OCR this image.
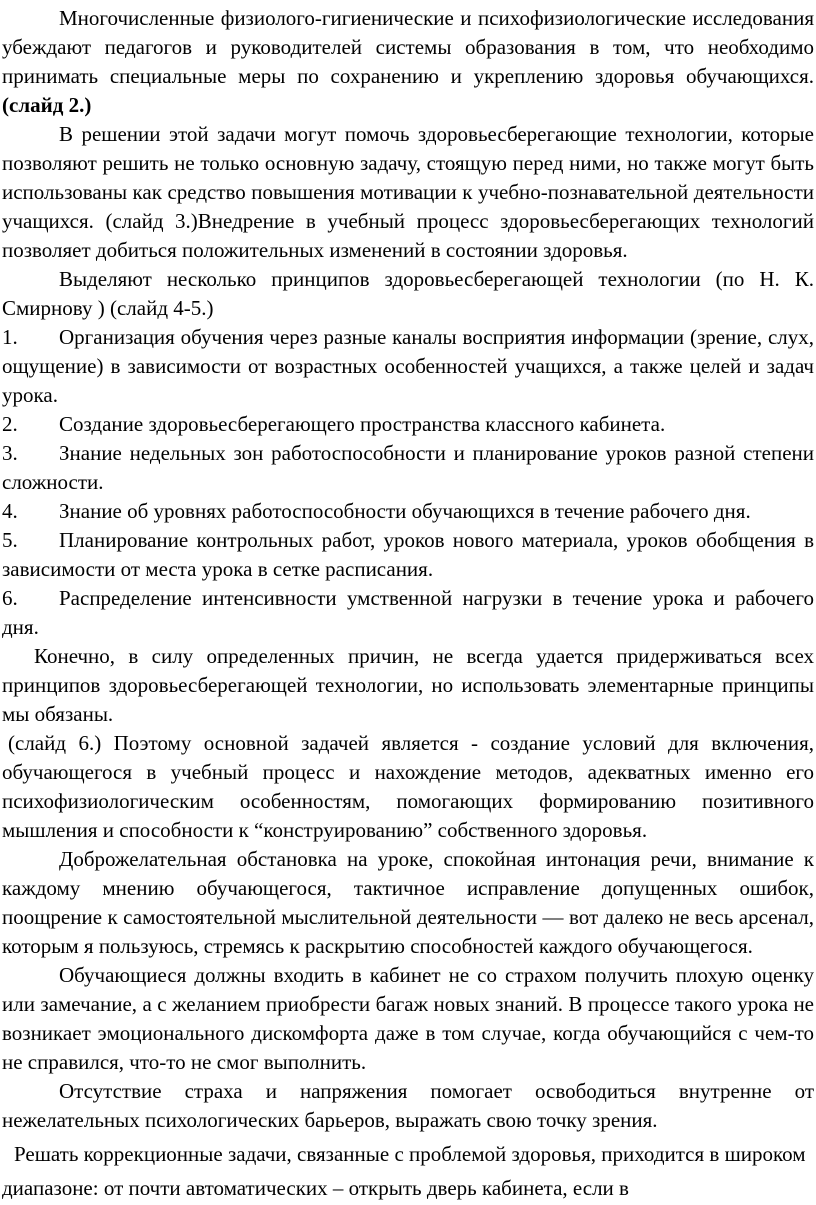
Многочисленные физиолого-гигиенические и психофизиологические исследования убеждают педагогов и руководителей системы образования в том, что необходимо принимать специальные меры по сохранению и укреплению здоровья обучающихся.(слайд 2.)

В решении этой задачи могут помочь здоровьесберегающие технологии, которые позволяют решить не только основную задачу, стоящую перед ними, но также могут быть использованы как средство повышения мотивации к учебно-познавательной деятельности учащихся. (слайд 3.)Внедрение в учебный процесс здоровьесберегающих технологий позволяет добиться положительных изменений в состоянии здоровья.

Выделяют несколько принципов здоровьесберегающей технологии (по Н. К. Смирнову ) (слайд 4-5.)

1. Организация обучения через разные каналы восприятия информации (зрение, слух, ощущение) в зависимости от возрастных особенностей учащихся, а также целей и задач урока.

2. Создание здоровьесберегающего пространства классного кабинета.

3. Знание недельных зон работоспособности и планирование уроков разной степени сложности.

4. Знание об уровнях работоспособности обучающихся в течение рабочего дня.

5. Планирование контрольных работ, уроков нового материала, уроков обобщения в зависимости от места урока в сетке расписания.

6. Распределение интенсивности умственной нагрузки в течение урока и рабочего дня.

Конечно, в силу определенных причин, не всегда удается придерживаться всех принципов здоровьесберегающей технологии, но использовать элементарные принципы мы обязаны.

(слайд 6.) Поэтому основной задачей является - создание условий для включения, обучающегося в учебный процесс и нахождение методов, адекватных именно его психофизиологическим особенностям, помогающих формированию позитивного мышления и способности к “конструированию” собственного здоровья.

Доброжелательная обстановка на уроке, спокойная интонация речи, внимание к каждому мнению обучающегося, тактичное исправление допущенных ошибок, поощрение к самостоятельной мыслительной деятельности — вот далеко не весь арсенал, которым я пользуюсь, стремясь к раскрытию способностей каждого обучающегося.

Обучающиеся должны входить в кабинет не со страхом получить плохую оценку или замечание, а с желанием приобрести багаж новых знаний. В процессе такого урока не возникает эмоционального дискомфорта даже в том случае, когда обучающийся с чем-то не справился, что-то не смог выполнить.

Отсутствие страха и напряжения помогает освободиться внутренне от нежелательных психологических барьеров, выражать свою точку зрения.

Решать коррекционные задачи, связанные с проблемой здоровья, приходится в широком диапазоне: от почти автоматических – открыть дверь кабинета, если в
